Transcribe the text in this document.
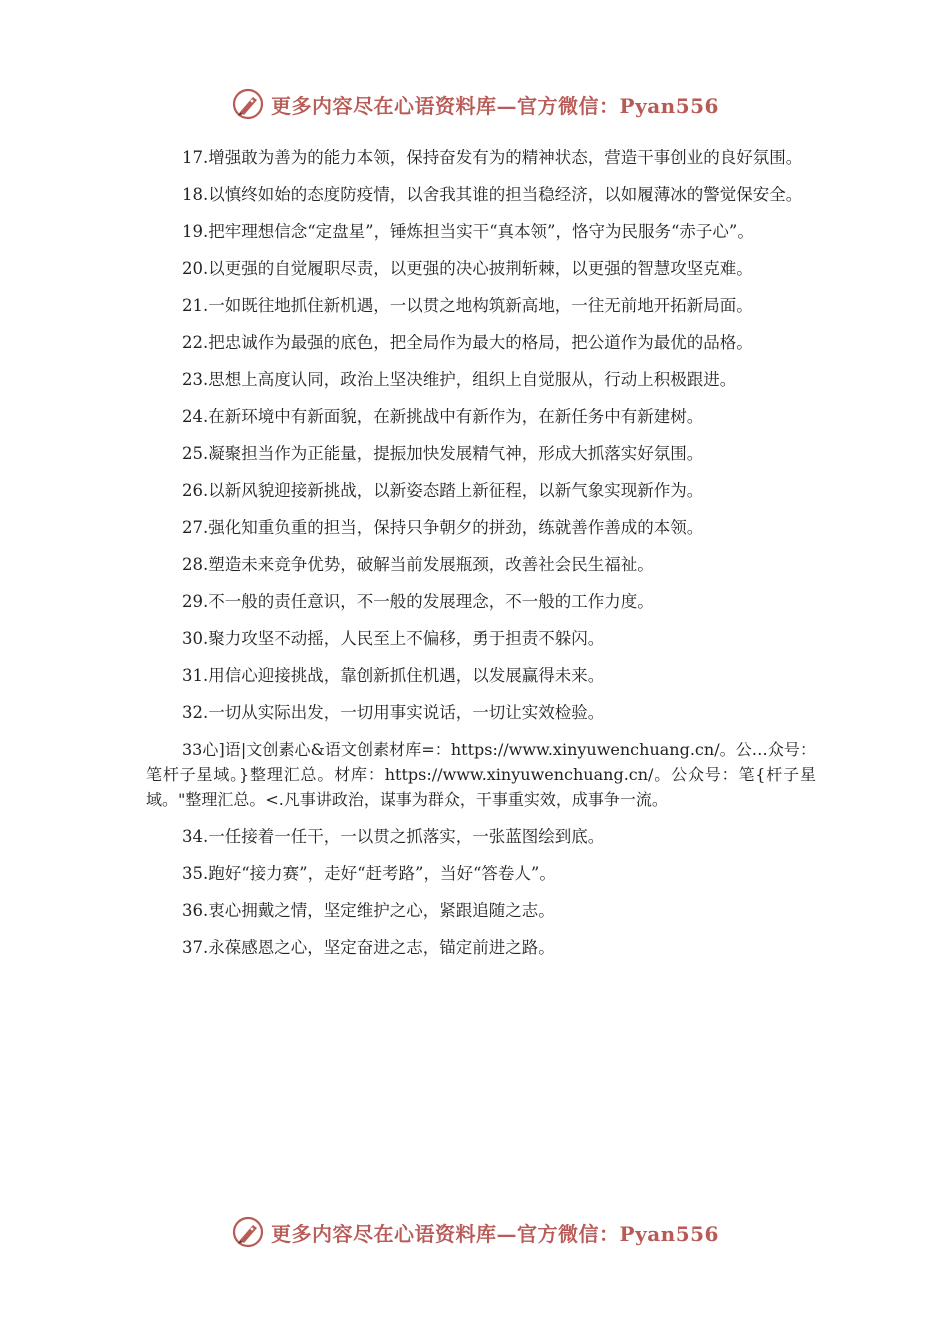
更多内容尽在心语资料库—官方微信：Pyan556

17.增强敢为善为的能力本领，保持奋发有为的精神状态，营造干事创业的良好氛围。

18.以慎终如始的态度防疫情，以舍我其谁的担当稳经济，以如履薄冰的警觉保安全。

19.把牢理想信念“定盘星”，锤炼担当实干“真本领”，恪守为民服务“赤子心”。

20.以更强的自觉履职尽责，以更强的决心披荆斩棘，以更强的智慧攻坚克难。

21.一如既往地抓住新机遇，一以贯之地构筑新高地，一往无前地开拓新局面。

22.把忠诚作为最强的底色，把全局作为最大的格局，把公道作为最优的品格。

23.思想上高度认同，政治上坚决维护，组织上自觉服从，行动上积极跟进。

24.在新环境中有新面貌，在新挑战中有新作为，在新任务中有新建树。

25.凝聚担当作为正能量，提振加快发展精气神，形成大抓落实好氛围。

26.以新风貌迎接新挑战，以新姿态踏上新征程，以新气象实现新作为。

27.强化知重负重的担当，保持只争朝夕的拼劲，练就善作善成的本领。

28.塑造未来竞争优势，破解当前发展瓶颈，改善社会民生福祉。

29.不一般的责任意识，不一般的发展理念，不一般的工作力度。

30.聚力攻坚不动摇，人民至上不偏移，勇于担责不躲闪。

31.用信心迎接挑战，靠创新抓住机遇，以发展赢得未来。

32.一切从实际出发，一切用事实说话，一切让实效检验。

33心]语|文创素心&语文创素材库=：https://www.xinyuwenchuang.cn/。公…众号：笔杆子星域。}整理汇总。材库：https://www.xinyuwenchuang.cn/。公众号：笔{杆子星域。"整理汇总。<.凡事讲政治，谋事为群众，干事重实效，成事争一流。

34.一任接着一任干，一以贯之抓落实，一张蓝图绘到底。

35.跑好“接力赛”，走好“赶考路”，当好“答卷人”。

36.衷心拥戴之情，坚定维护之心，紧跟追随之志。

37.永葆感恩之心，坚定奋进之志，锚定前进之路。

更多内容尽在心语资料库—官方微信：Pyan556
